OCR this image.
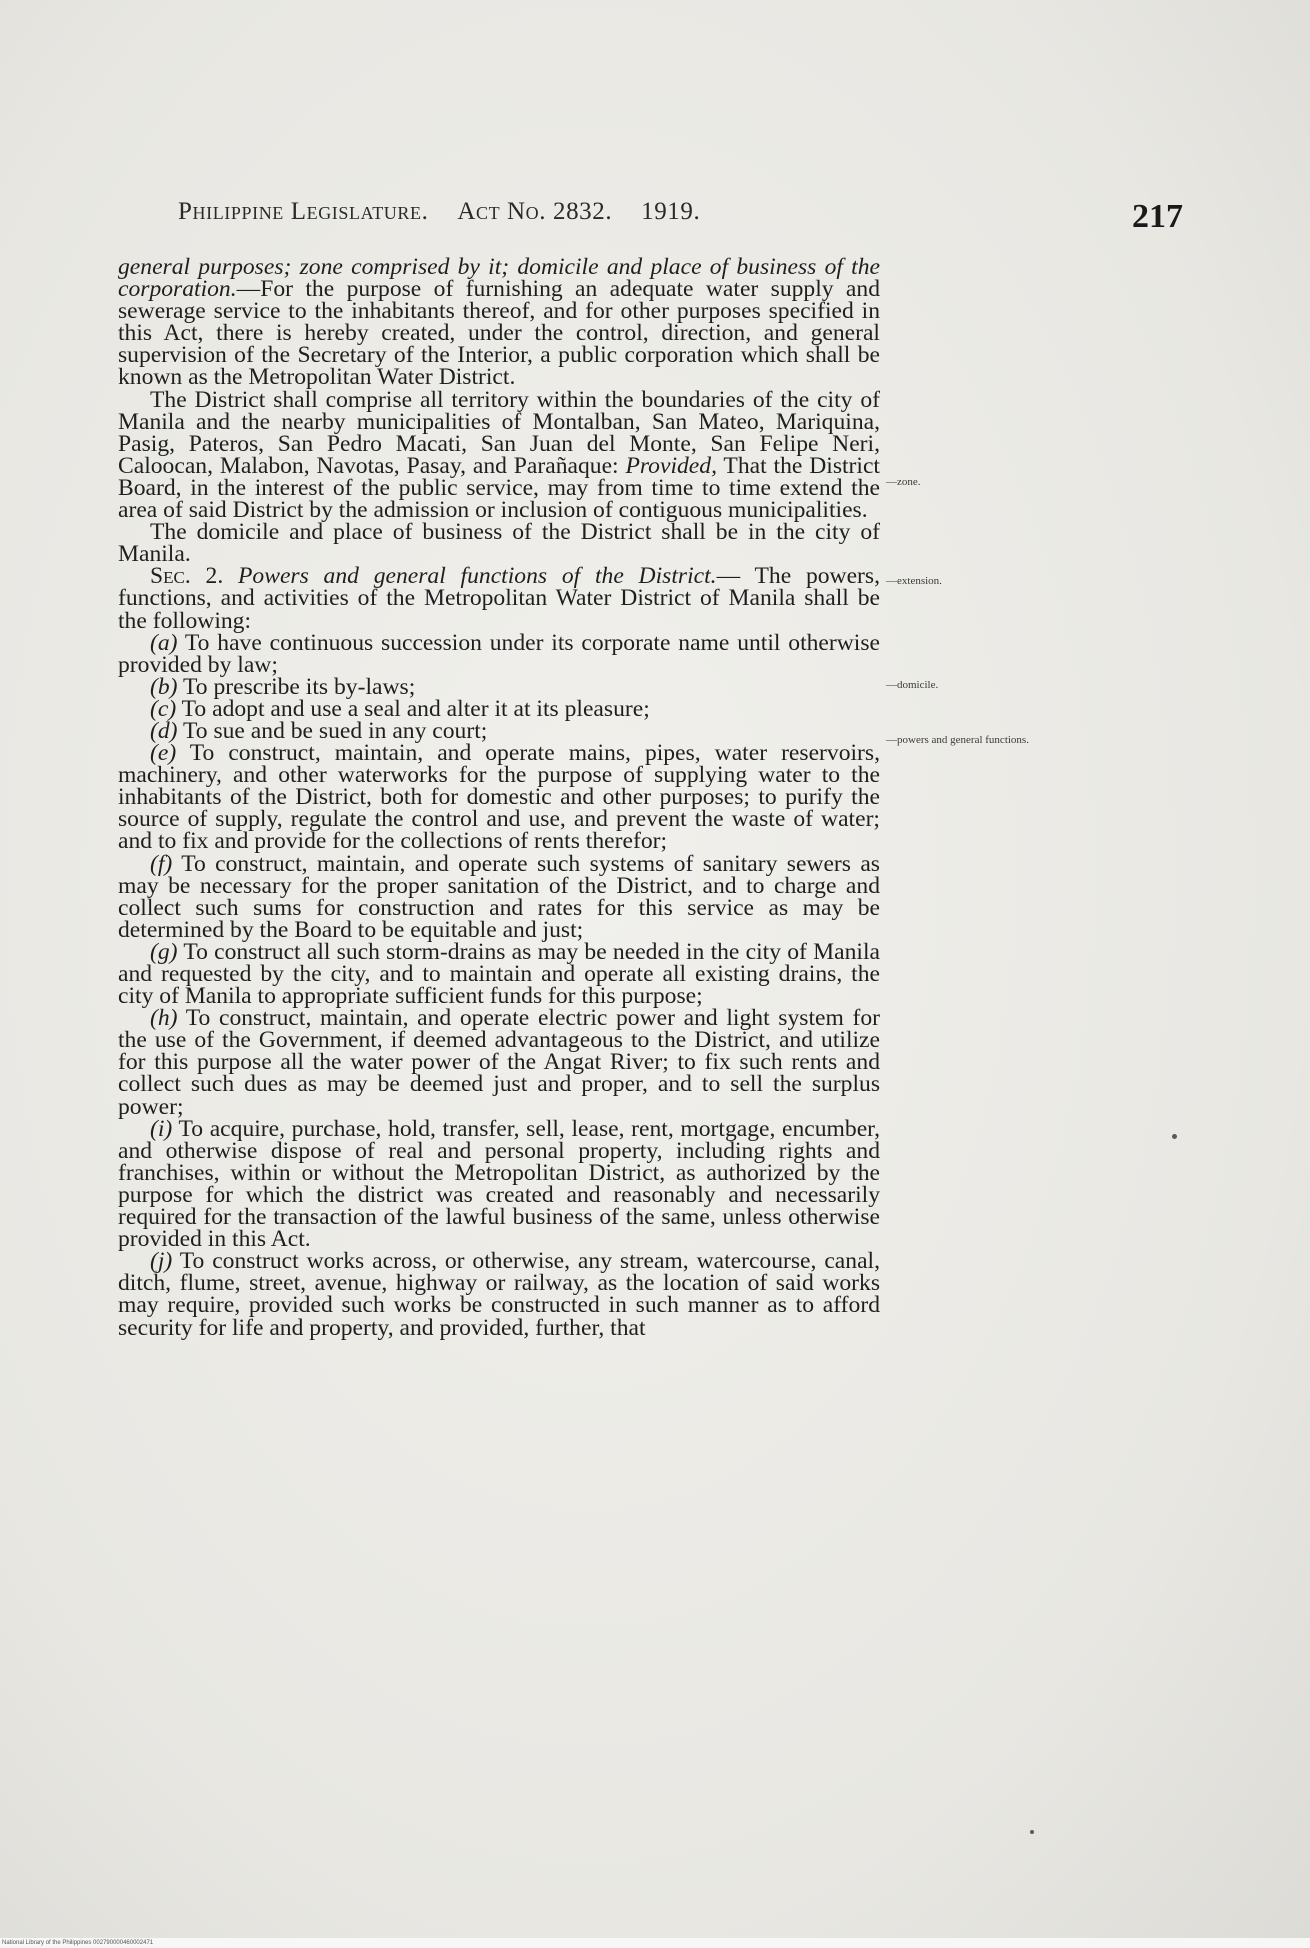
Philippine Legislature. Act No. 2832. 1919.	217

general purposes; zone comprised by it; domicile and place of business of the corporation.—For the purpose of furnishing an adequate water supply and sewerage service to the inhabitants thereof, and for other purposes specified in this Act, there is hereby created, under the control, direction, and general supervision of the Secretary of the Interior, a public corporation which shall be known as the Metropolitan Water District.

The District shall comprise all territory within the boundaries of the city of Manila and the nearby municipalities of Montalban, San Mateo, Mariquina, Pasig, Pateros, San Pedro Macati, San Juan del Monte, San Felipe Neri, Caloocan, Malabon, Navotas, Pasay, and Parañaque: Provided, That the District Board, in the interest of the public service, may from time to time extend the area of said District by the admission or inclusion of contiguous municipalities.

The domicile and place of business of the District shall be in the city of Manila.

Sec. 2. Powers and general functions of the District.— The powers, functions, and activities of the Metropolitan Water District of Manila shall be the following:

(a) To have continuous succession under its corporate name until otherwise provided by law;

(b) To prescribe its by-laws;

(c) To adopt and use a seal and alter it at its pleasure;

(d) To sue and be sued in any court;

(e) To construct, maintain, and operate mains, pipes, water reservoirs, machinery, and other waterworks for the purpose of supplying water to the inhabitants of the District, both for domestic and other purposes; to purify the source of supply, regulate the control and use, and prevent the waste of water; and to fix and provide for the collections of rents therefor;

(f) To construct, maintain, and operate such systems of sanitary sewers as may be necessary for the proper sanitation of the District, and to charge and collect such sums for construction and rates for this service as may be determined by the Board to be equitable and just;

(g) To construct all such storm-drains as may be needed in the city of Manila and requested by the city, and to maintain and operate all existing drains, the city of Manila to appropriate sufficient funds for this purpose;

(h) To construct, maintain, and operate electric power and light system for the use of the Government, if deemed advantageous to the District, and utilize for this purpose all the water power of the Angat River; to fix such rents and collect such dues as may be deemed just and proper, and to sell the surplus power;

(i) To acquire, purchase, hold, transfer, sell, lease, rent, mortgage, encumber, and otherwise dispose of real and personal property, including rights and franchises, within or without the Metropolitan District, as authorized by the purpose for which the district was created and reasonably and necessarily required for the transaction of the lawful business of the same, unless otherwise provided in this Act.

(j) To construct works across, or otherwise, any stream, watercourse, canal, ditch, flume, street, avenue, highway or railway, as the location of said works may require, provided such works be constructed in such manner as to afford security for life and property, and provided, further, that

—zone.
—extension.
—domicile.
—powers and general functions.
National Library of the Philippines 002790000460002471
